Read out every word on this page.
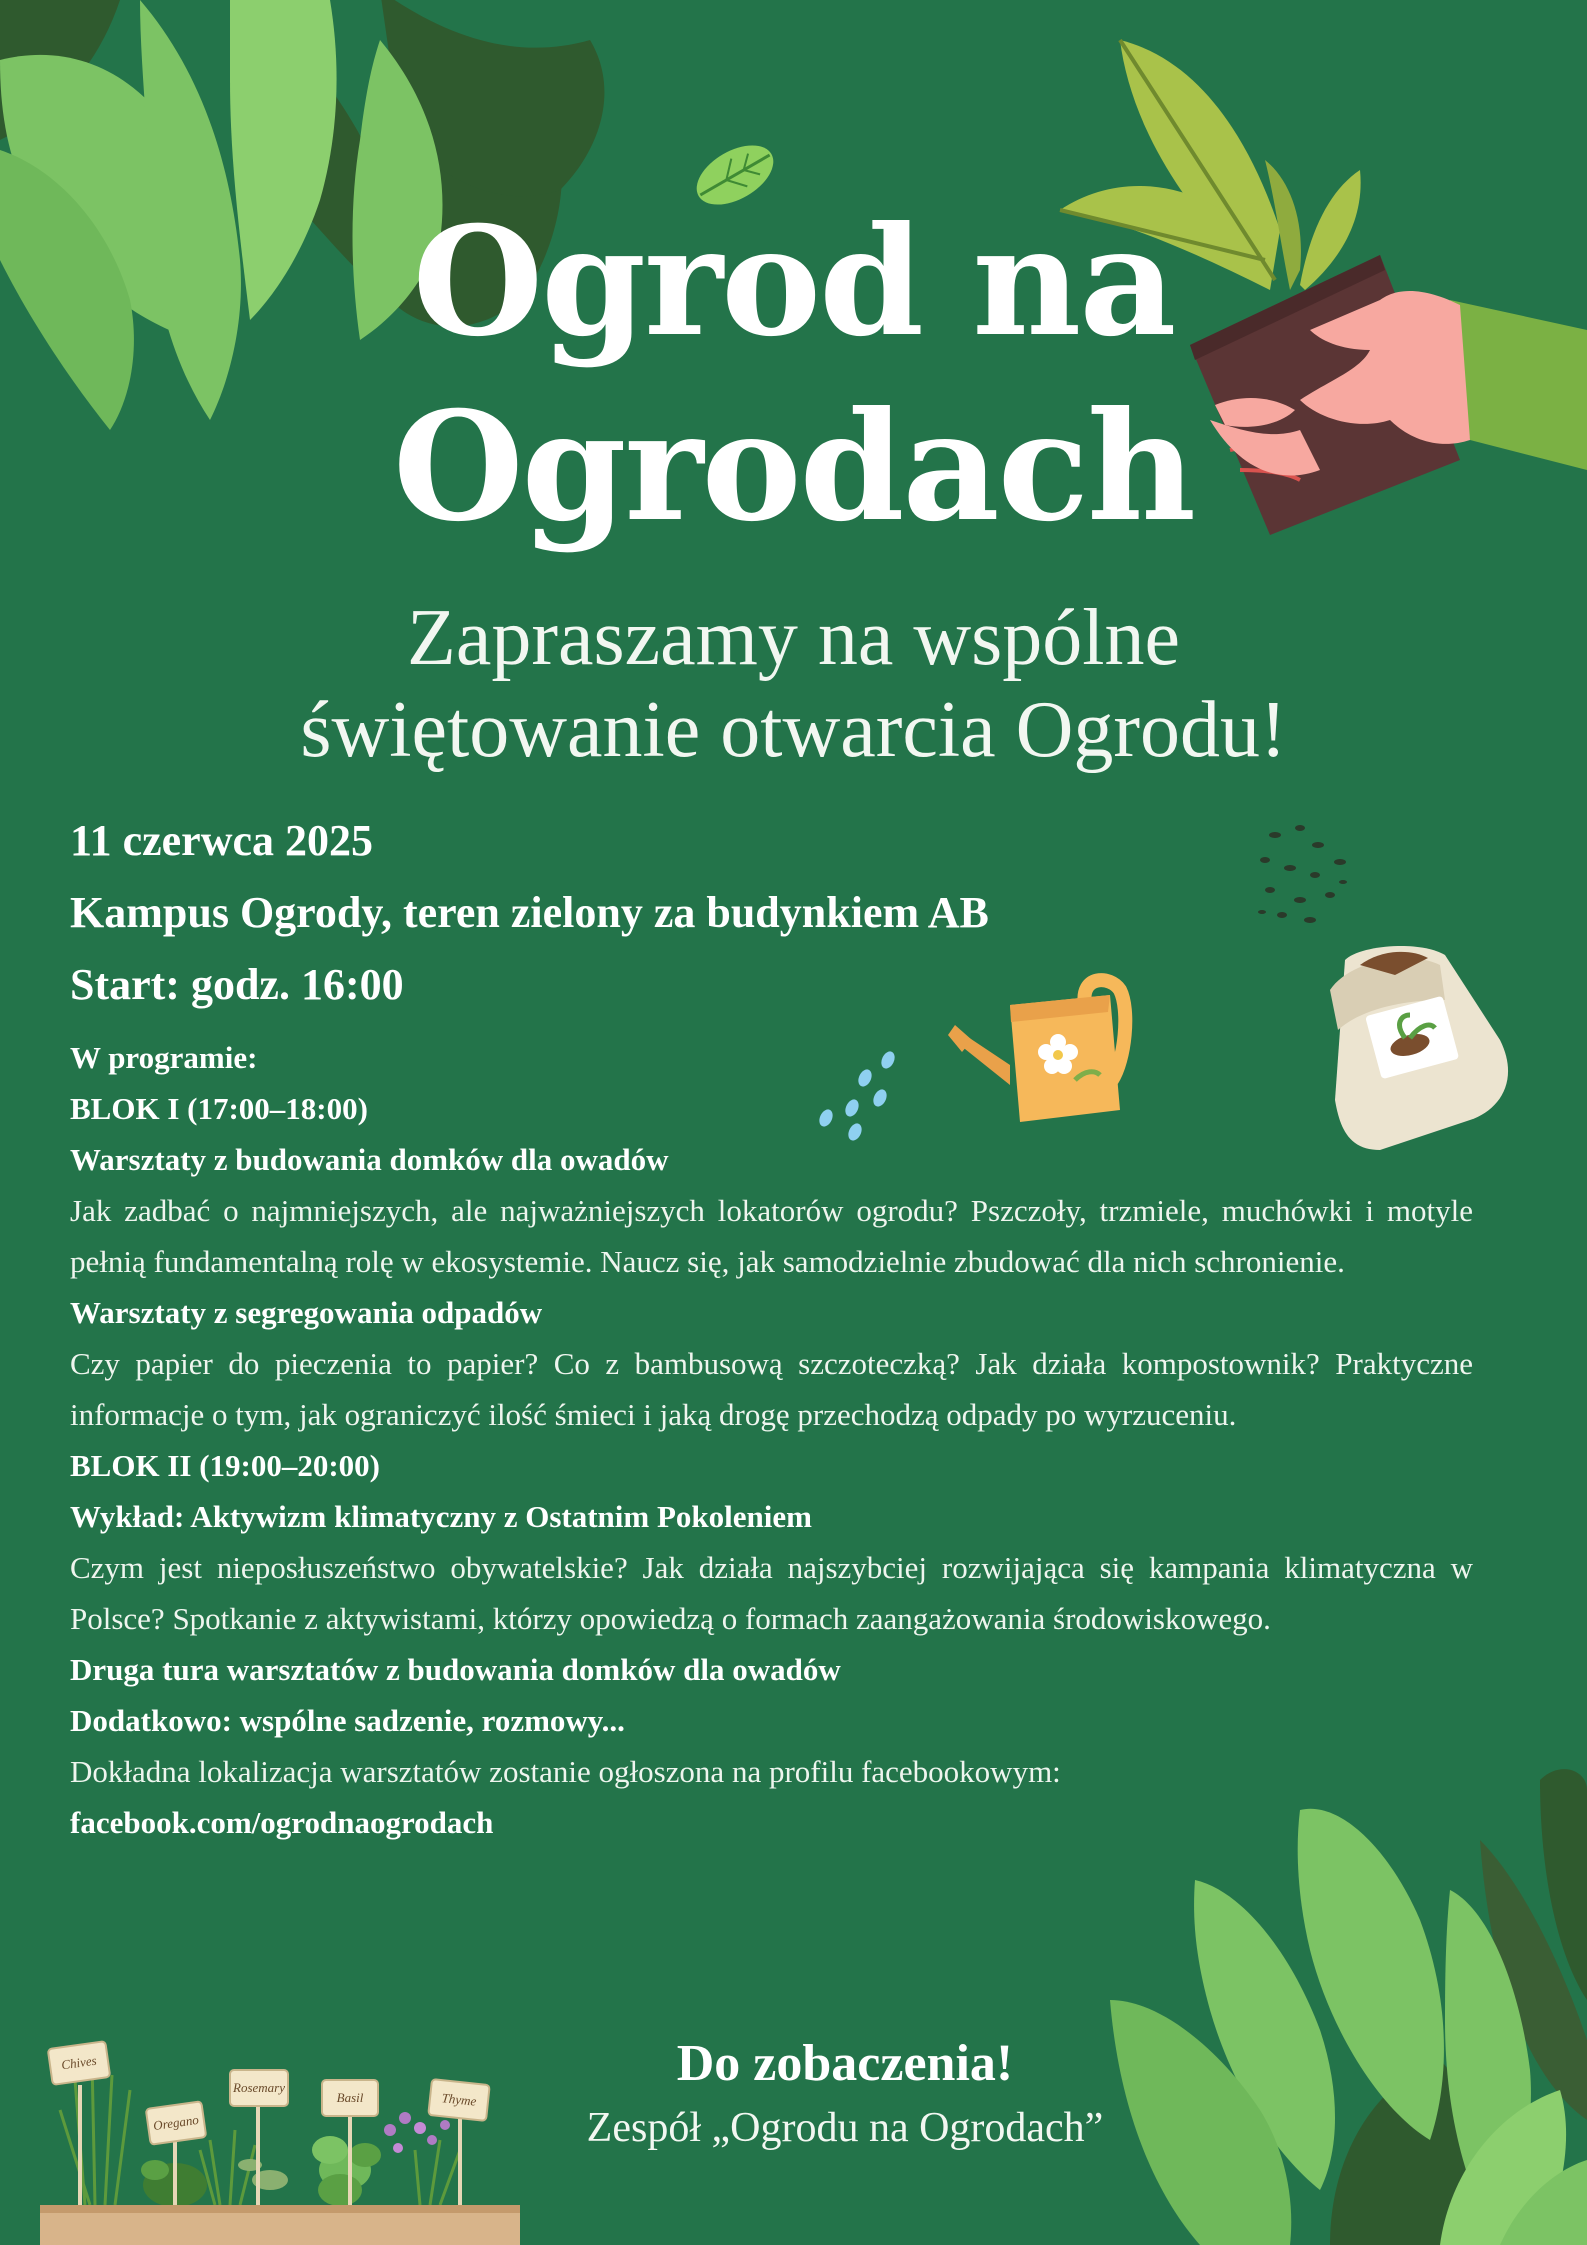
Chives
Oregano
Rosemary
Basil	Thyme
Ogrod na
Ogrodach
Zapraszamy na wspólne
świętowanie otwarcia Ogrodu!
11 czerwca 2025
Kampus Ogrody, teren zielony za budynkiem AB
Start: godz. 16:00
W programie:
BLOK I (17:00–18:00)
Warsztaty z budowania domków dla owadów
Jak zadbać o najmniejszych, ale najważniejszych lokatorów ogrodu? Pszczoły, trzmiele, muchówki i motyle pełnią fundamentalną rolę w ekosystemie. Naucz się, jak samodzielnie zbudować dla nich schronienie.
Warsztaty z segregowania odpadów
Czy papier do pieczenia to papier? Co z bambusową szczoteczką? Jak działa kompostownik? Praktyczne informacje o tym, jak ograniczyć ilość śmieci i jaką drogę przechodzą odpady po wyrzuceniu.
BLOK II (19:00–20:00)
Wykład: Aktywizm klimatyczny z Ostatnim Pokoleniem
Czym jest nieposłuszeństwo obywatelskie? Jak działa najszybciej rozwijająca się kampania klimatyczna w Polsce? Spotkanie z aktywistami, którzy opowiedzą o formach zaangażowania środowiskowego.
Druga tura warsztatów z budowania domków dla owadów
Dodatkowo: wspólne sadzenie, rozmowy...
Dokładna lokalizacja warsztatów zostanie ogłoszona na profilu facebookowym:
facebook.com/ogrodnaogrodach
Do zobaczenia!
Zespół „Ogrodu na Ogrodach”
